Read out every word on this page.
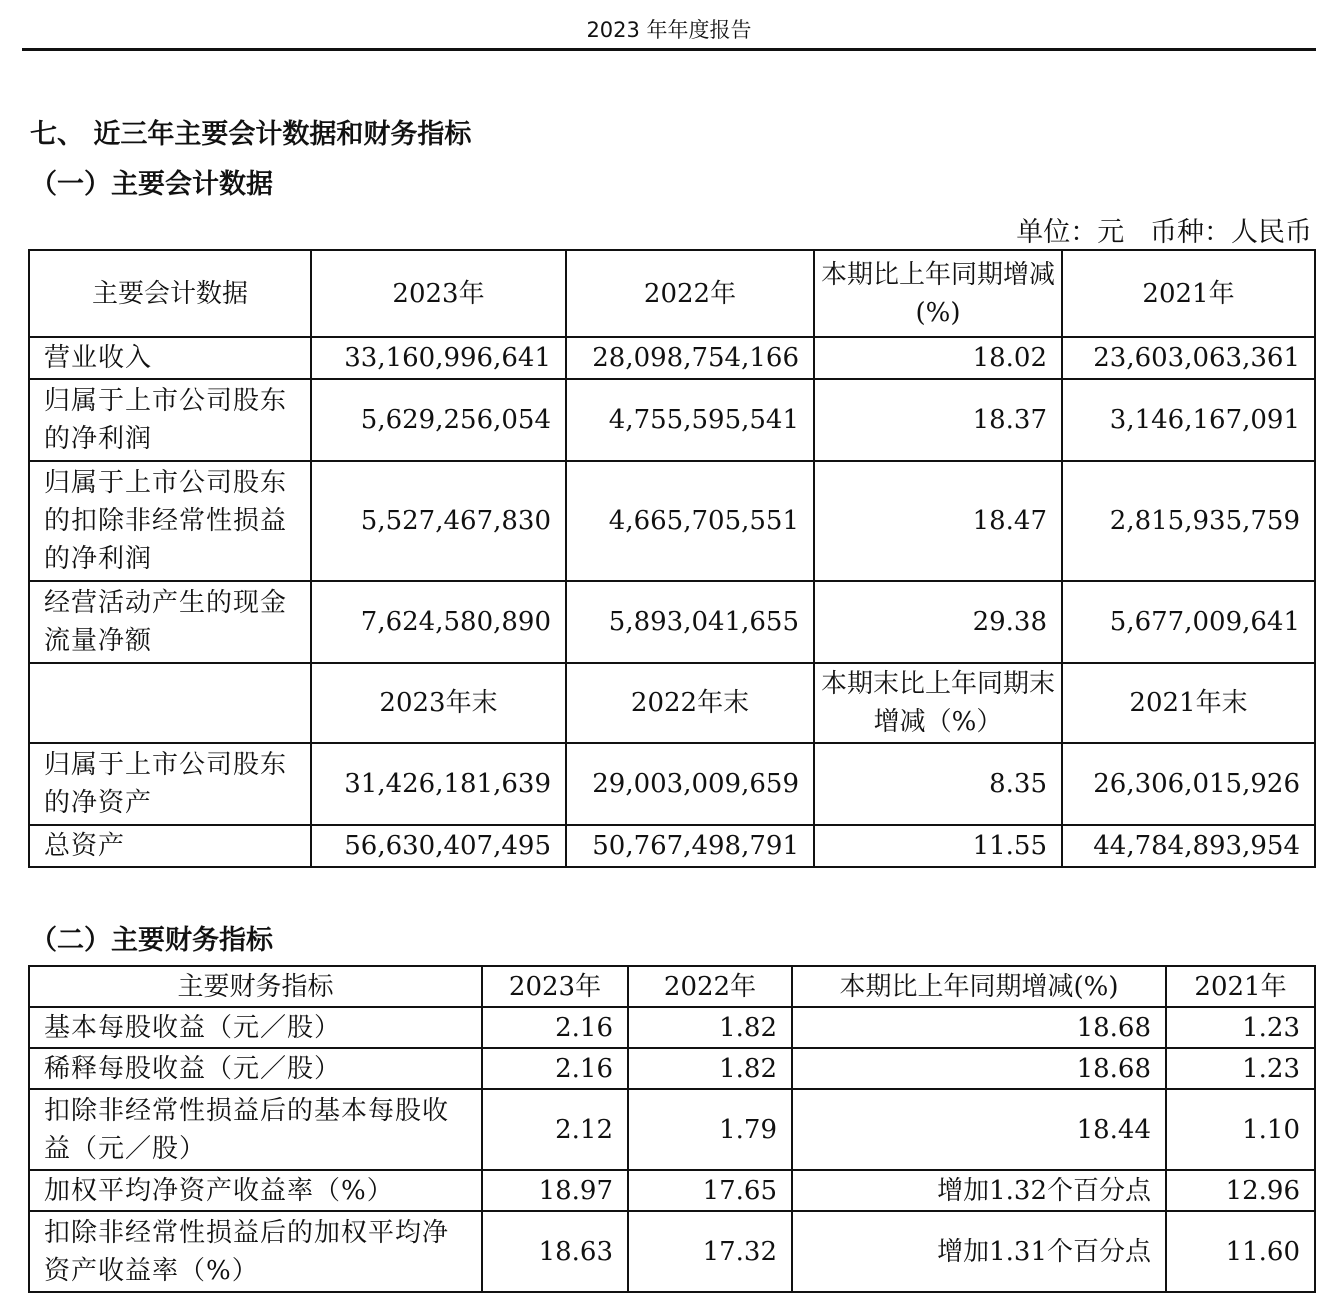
2023 年年度报告
七、 近三年主要会计数据和财务指标
（一）主要会计数据
单位：元   币种：人民币
主要会计数据	2023年	2022年	本期比上年同期增减(%)	2021年
营业收入	33,160,996,641	28,098,754,166	18.02	23,603,063,361
归属于上市公司股东的净利润	5,629,256,054	4,755,595,541	18.37	3,146,167,091
归属于上市公司股东的扣除非经常性损益的净利润	5,527,467,830	4,665,705,551	18.47	2,815,935,759
经营活动产生的现金流量净额	7,624,580,890	5,893,041,655	29.38	5,677,009,641
	2023年末	2022年末	本期末比上年同期末增减（%）	2021年末
归属于上市公司股东的净资产	31,426,181,639	29,003,009,659	8.35	26,306,015,926
总资产	56,630,407,495	50,767,498,791	11.55	44,784,893,954
（二）主要财务指标
主要财务指标	2023年	2022年	本期比上年同期增减(%)	2021年
基本每股收益（元／股）	2.16	1.82	18.68	1.23
稀释每股收益（元／股）	2.16	1.82	18.68	1.23
扣除非经常性损益后的基本每股收益（元／股）	2.12	1.79	18.44	1.10
加权平均净资产收益率（%）	18.97	17.65	增加1.32个百分点	12.96
扣除非经常性损益后的加权平均净资产收益率（%）	18.63	17.32	增加1.31个百分点	11.60
